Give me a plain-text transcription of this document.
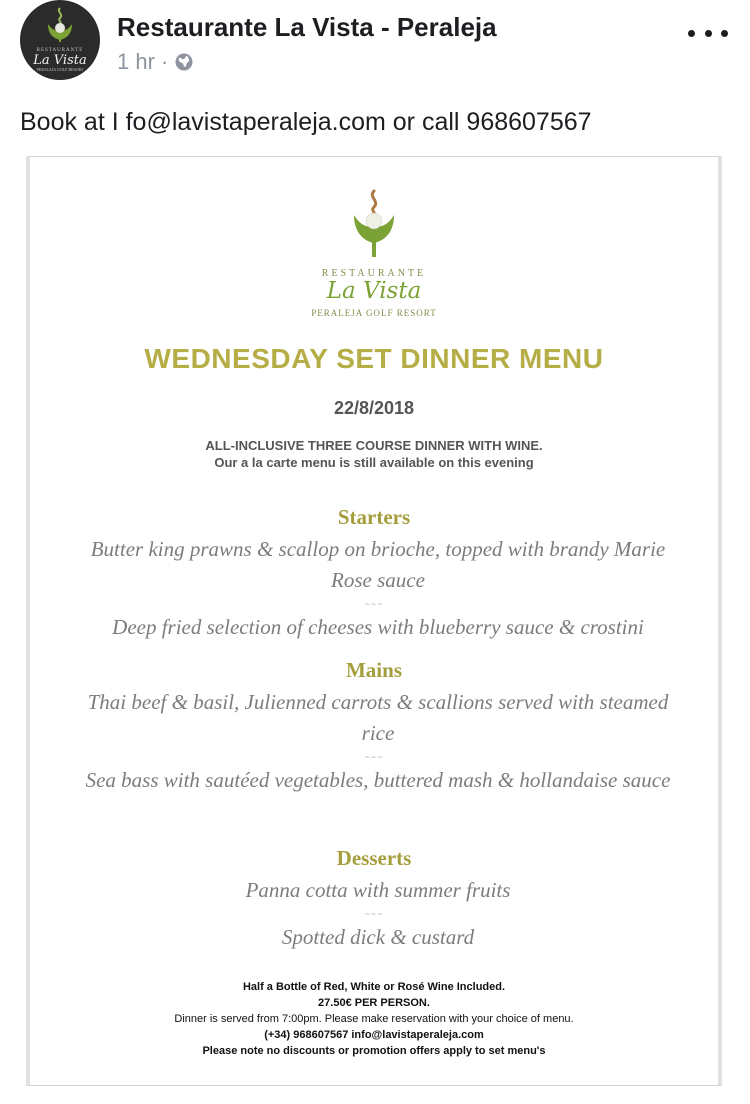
RESTAURANTE
La Vista
PERALEJA GOLF RESORT
Restaurante La Vista - Peraleja
1 hr ·
Book at I fo@lavistaperaleja.com or call 968607567
RESTAURANTE
La Vista
PERALEJA GOLF RESORT
WEDNESDAY SET DINNER MENU
22/8/2018
ALL-INCLUSIVE THREE COURSE DINNER WITH WINE.
Our a la carte menu is still available on this evening
Starters
Butter king prawns & scallop on brioche, topped with brandy Marie Rose sauce
~~~
Deep fried selection of cheeses with blueberry sauce & crostini
Mains
Thai beef & basil, Julienned carrots & scallions served with steamed rice
~~~
Sea bass with sautéed vegetables, buttered mash & hollandaise sauce
Desserts
Panna cotta with summer fruits
~~~
Spotted dick & custard
Half a Bottle of Red, White or Rosé Wine Included.
27.50€ PER PERSON.
Dinner is served from 7:00pm. Please make reservation with your choice of menu.
(+34) 968607567 info@lavistaperaleja.com
Please note no discounts or promotion offers apply to set menu's
